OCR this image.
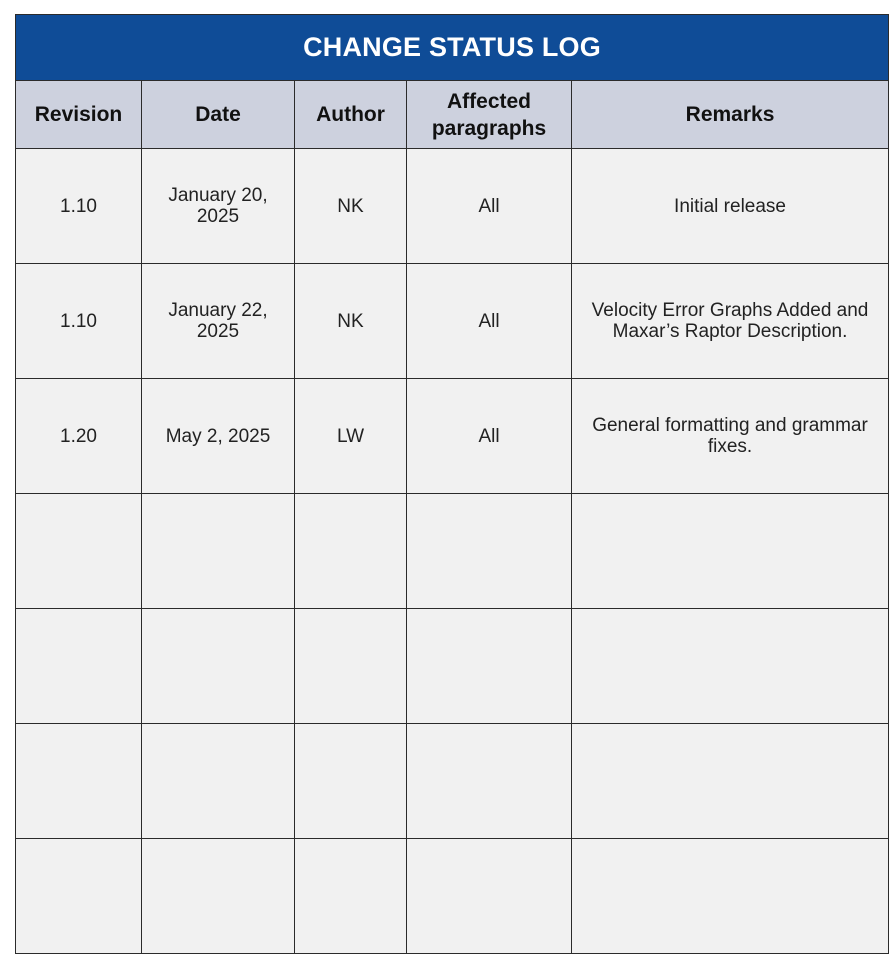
CHANGE STATUS LOG				
Revision	Date	Author	Affected paragraphs	Remarks
1.10	January 20, 2025	NK	All	Initial release
1.10	January 22, 2025	NK	All	Velocity Error Graphs Added and Maxar’s Raptor Description.
1.20	May 2, 2025	LW	All	General formatting and grammar fixes.
